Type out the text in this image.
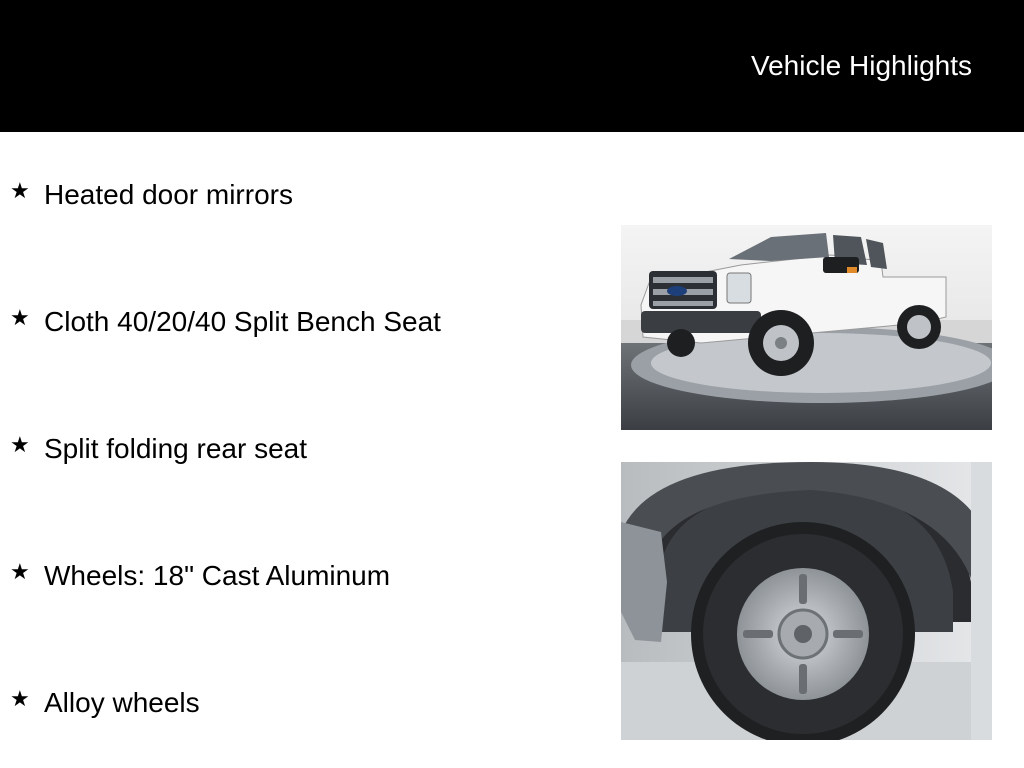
Vehicle Highlights
★ Heated door mirrors
★ Cloth 40/20/40 Split Bench Seat
★ Split folding rear seat
★ Wheels: 18" Cast Aluminum
★ Alloy wheels
